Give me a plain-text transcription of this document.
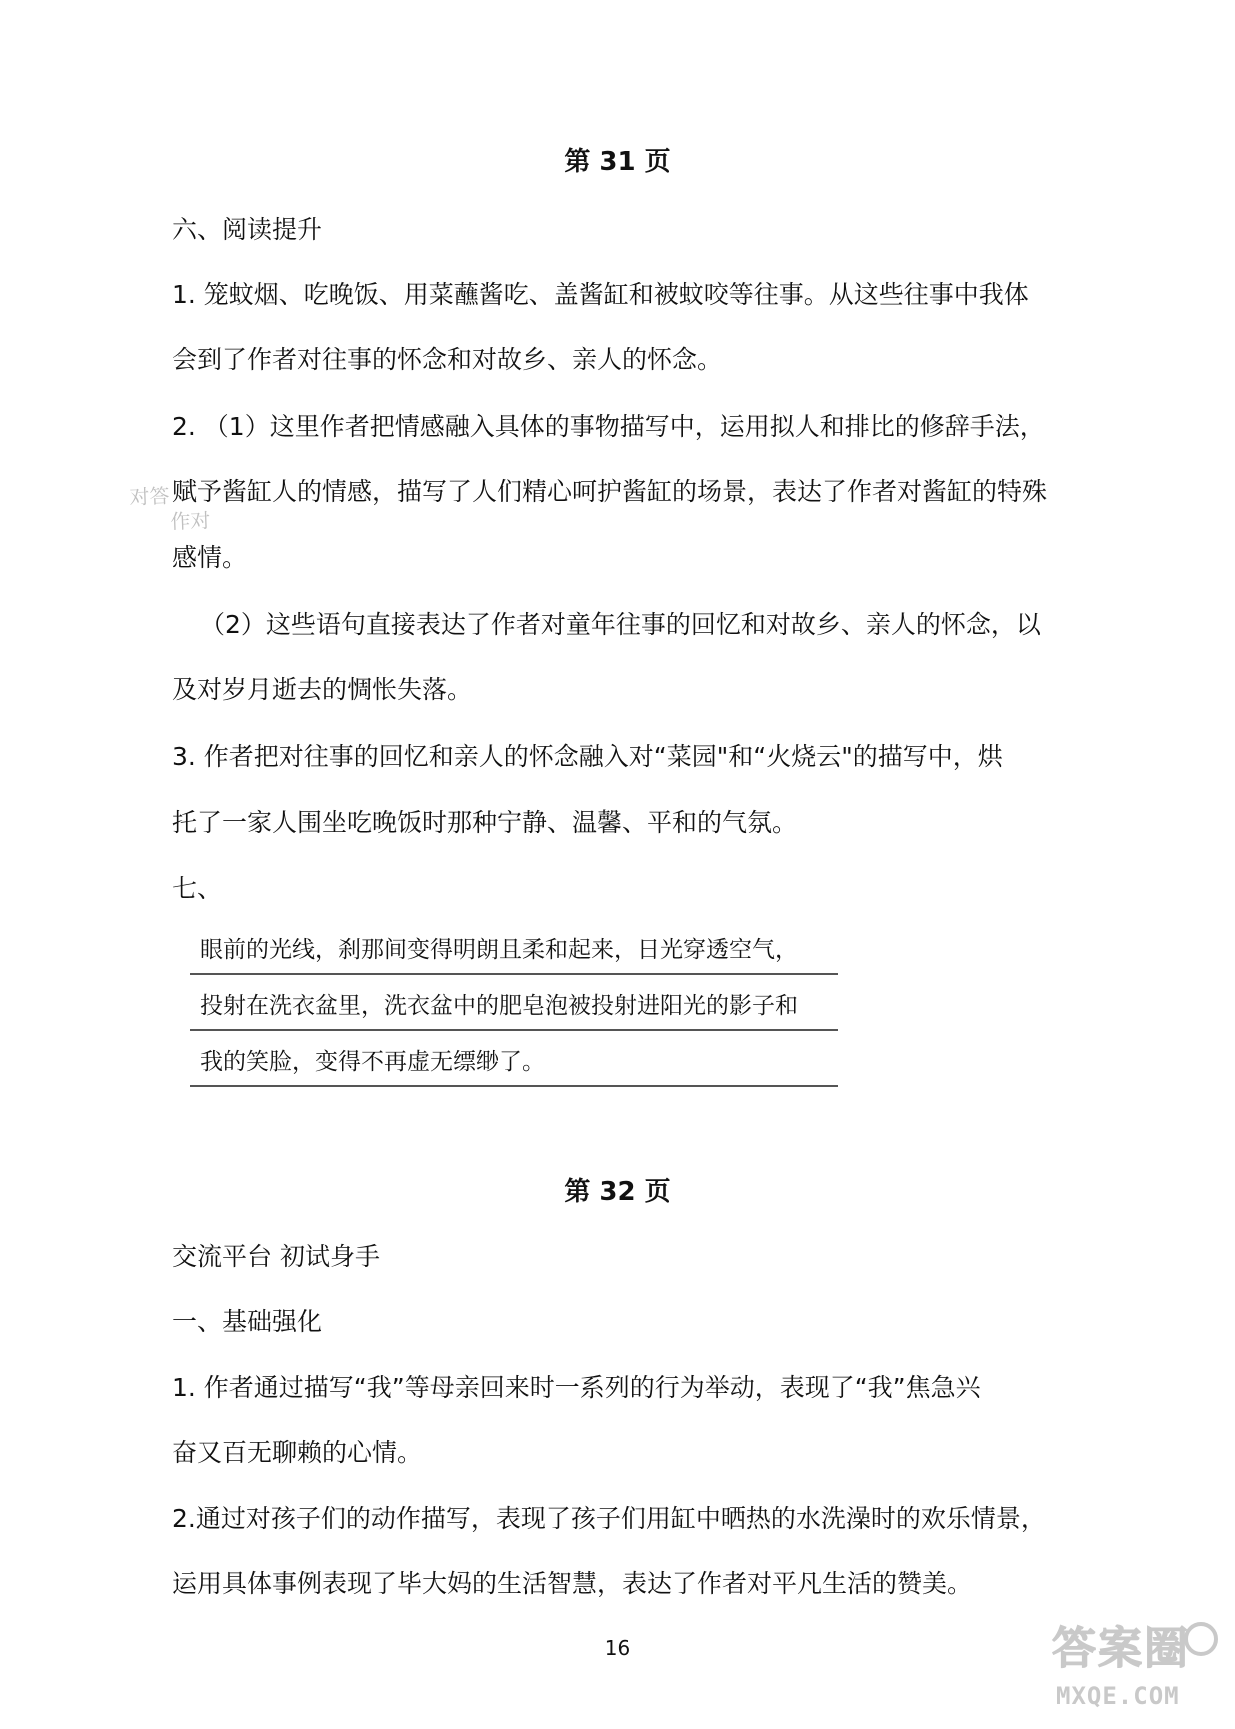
第 31 页
六、阅读提升
1. 笼蚊烟、吃晚饭、用菜蘸酱吃、盖酱缸和被蚊咬等往事。从这些往事中我体
会到了作者对往事的怀念和对故乡、亲人的怀念。
2. （1）这里作者把情感融入具体的事物描写中，运用拟人和排比的修辞手法，
赋予酱缸人的情感，描写了人们精心呵护酱缸的场景，表达了作者对酱缸的特殊
感情。
（2）这些语句直接表达了作者对童年往事的回忆和对故乡、亲人的怀念，以
及对岁月逝去的惆怅失落。
3. 作者把对往事的回忆和亲人的怀念融入对“菜园"和“火烧云"的描写中，烘
托了一家人围坐吃晚饭时那种宁静、温馨、平和的气氛。
七、
对答
作对
眼前的光线，刹那间变得明朗且柔和起来，日光穿透空气，
投射在洗衣盆里，洗衣盆中的肥皂泡被投射进阳光的影子和
我的笑脸，变得不再虚无缥缈了。
第 32 页
交流平台 初试身手
一、基础强化
1. 作者通过描写“我”等母亲回来时一系列的行为举动，表现了“我”焦急兴
奋又百无聊赖的心情。
2.通过对孩子们的动作描写，表现了孩子们用缸中晒热的水洗澡时的欢乐情景，
运用具体事例表现了毕大妈的生活智慧，表达了作者对平凡生活的赞美。
16	答案圈
MXQE.COM
